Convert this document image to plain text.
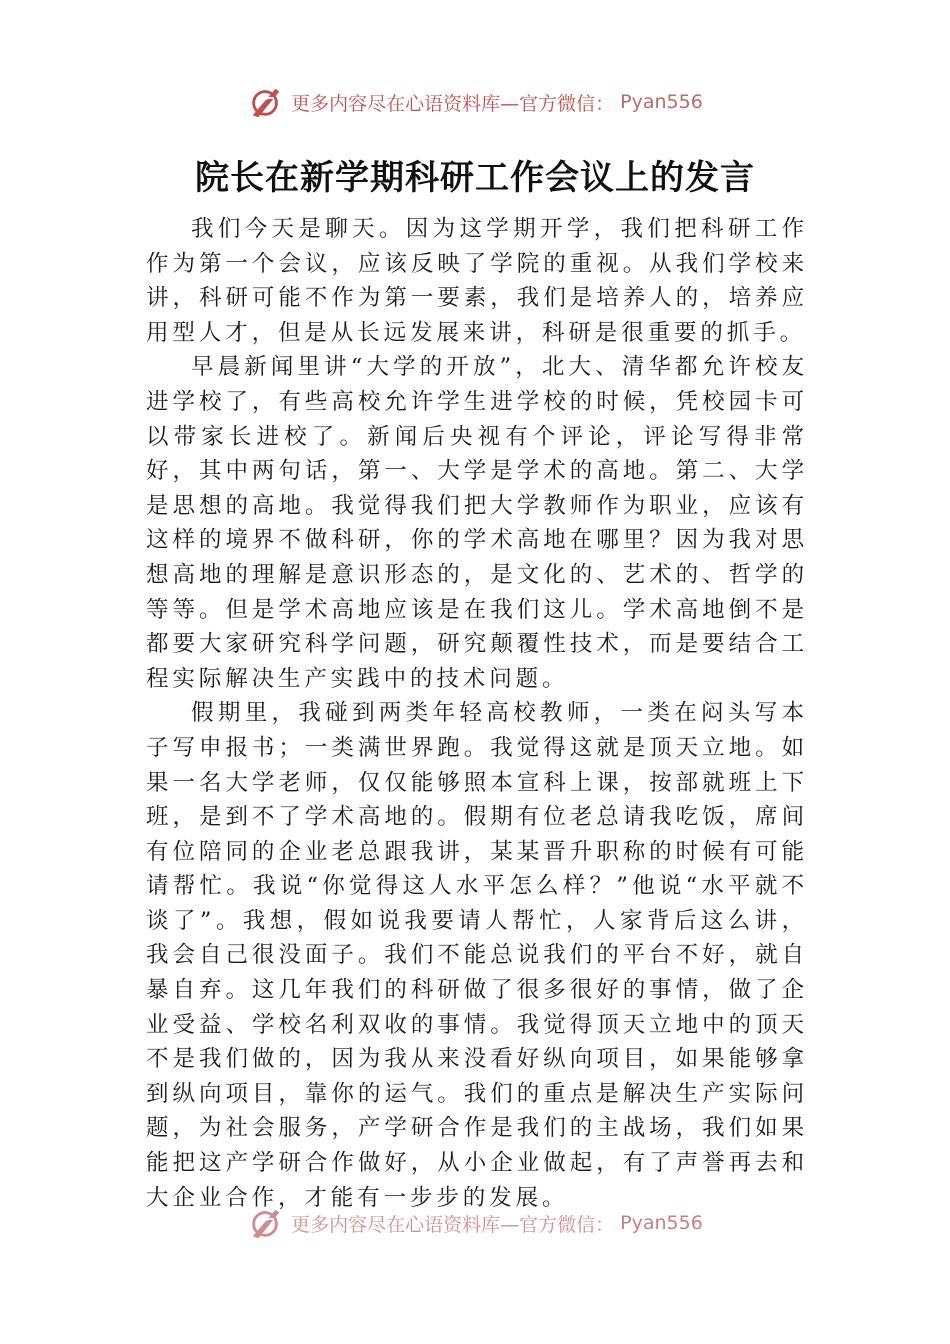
更多内容尽在心语资料库—官方微信： Pyan556
院长在新学期科研工作会议上的发言

我们今天是聊天。因为这学期开学，我们把科研工作作为第一个会议，应该反映了学院的重视。从我们学校来讲，科研可能不作为第一要素，我们是培养人的，培养应用型人才，但是从长远发展来讲，科研是很重要的抓手。

早晨新闻里讲“大学的开放”，北大、清华都允许校友进学校了，有些高校允许学生进学校的时候，凭校园卡可以带家长进校了。新闻后央视有个评论，评论写得非常好，其中两句话，第一、大学是学术的高地。第二、大学是思想的高地。我觉得我们把大学教师作为职业，应该有这样的境界不做科研，你的学术高地在哪里？因为我对思想高地的理解是意识形态的，是文化的、艺术的、哲学的等等。但是学术高地应该是在我们这儿。学术高地倒不是都要大家研究科学问题，研究颠覆性技术，而是要结合工程实际解决生产实践中的技术问题。

假期里，我碰到两类年轻高校教师，一类在闷头写本子写申报书；一类满世界跑。我觉得这就是顶天立地。如果一名大学老师，仅仅能够照本宣科上课，按部就班上下班，是到不了学术高地的。假期有位老总请我吃饭，席间有位陪同的企业老总跟我讲，某某晋升职称的时候有可能请帮忙。我说“你觉得这人水平怎么样？”他说“水平就不谈了”。我想，假如说我要请人帮忙，人家背后这么讲，我会自己很没面子。我们不能总说我们的平台不好，就自暴自弃。这几年我们的科研做了很多很好的事情，做了企业受益、学校名利双收的事情。我觉得顶天立地中的顶天不是我们做的，因为我从来没看好纵向项目，如果能够拿到纵向项目，靠你的运气。我们的重点是解决生产实际问题，为社会服务，产学研合作是我们的主战场，我们如果能把这产学研合作做好，从小企业做起，有了声誉再去和大企业合作，才能有一步步的发展。

更多内容尽在心语资料库—官方微信： Pyan556
